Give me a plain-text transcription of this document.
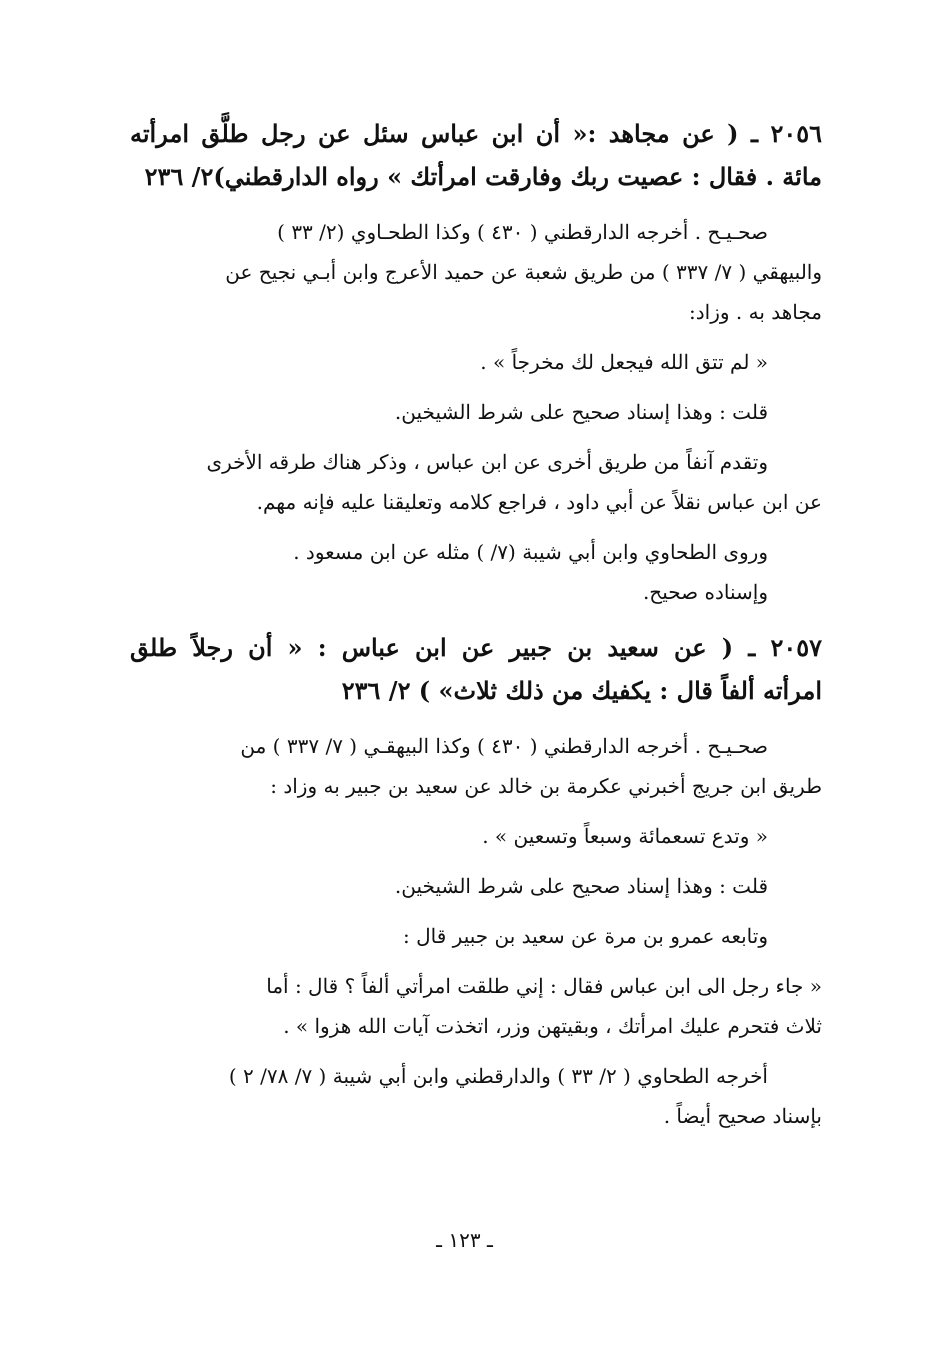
٢٠٥٦ ـ ( عن مجاهد :« أن ابن عباس سئل عن رجل طلَّق امرأته
مائة . فقال : عصيت ربك وفارقت امرأتك » رواه الدارقطني)٢/ ٢٣٦
صحـيـح . أخرجه الدارقطني ( ٤٣٠ ) وكذا الطحـاوي (٢/ ٣٣ )
والبيهقي ( ٧/ ٣٣٧ ) من طريق شعبة عن حميد الأعرج وابن أبـي نجيح عن
مجاهد به . وزاد:
« لم تتق الله فيجعل لك مخرجاً » .
قلت : وهذا إسناد صحيح على شرط الشيخين.
وتقدم آنفاً من طريق أخرى عن ابن عباس ، وذكر هناك طرقه الأخرى
عن ابن عباس نقلاً عن أبي داود ، فراجع كلامه وتعليقنا عليه فإنه مهم.
وروى الطحاوي وابن أبي شيبة (٧/ ) مثله عن ابن مسعود .
وإسناده صحيح.
٢٠٥٧ ـ ( عن سعيد بن جبير عن ابن عباس : « أن رجلاً طلق
امرأته ألفاً قال : يكفيك من ذلك ثلاث» ) ٢/ ٢٣٦
صحـيـح . أخرجه الدارقطني ( ٤٣٠ ) وكذا البيهقـي ( ٧/ ٣٣٧ ) من
طريق ابن جريج أخبرني عكرمة بن خالد عن سعيد بن جبير به وزاد :
« وتدع تسعمائة وسبعاً وتسعين » .
قلت : وهذا إسناد صحيح على شرط الشيخين.
وتابعه عمرو بن مرة عن سعيد بن جبير قال :
« جاء رجل الى ابن عباس فقال : إني طلقت امرأتي ألفاً ؟ قال : أما
ثلاث فتحرم عليك امرأتك ، وبقيتهن وزر، اتخذت آيات الله هزوا » .
أخرجه الطحاوي ( ٢/ ٣٣ ) والدارقطني وابن أبي شيبة ( ٧/ ٧٨/ ٢ )
بإسناد صحيح أيضاً .
ـ ١٢٣ ـ
